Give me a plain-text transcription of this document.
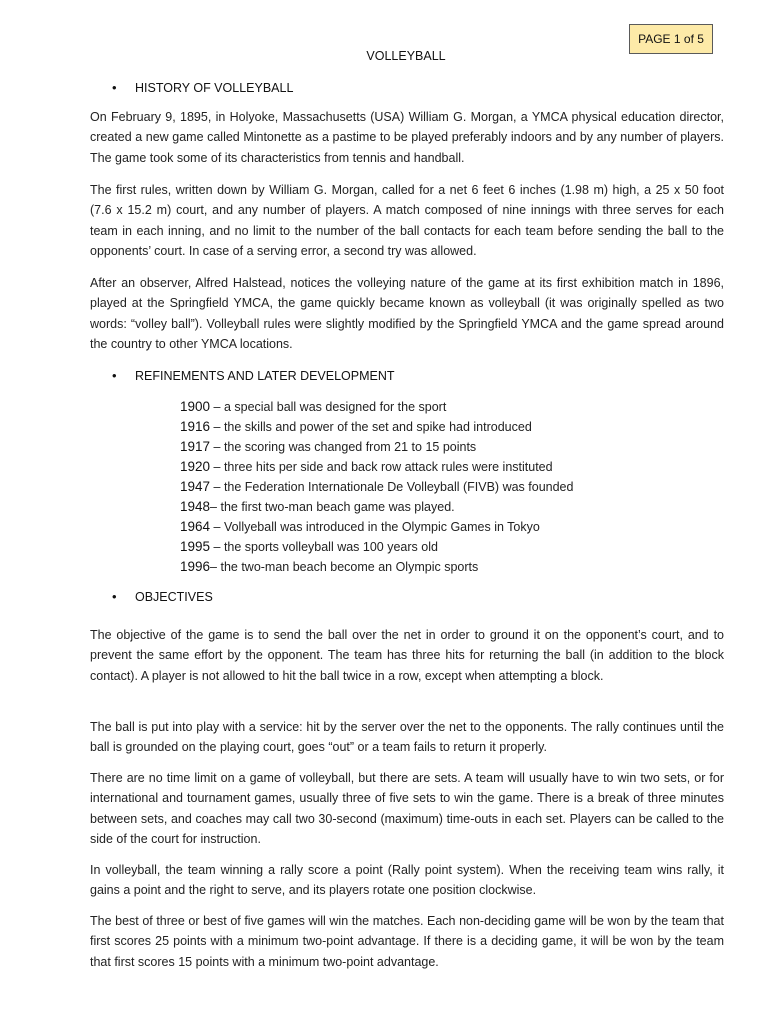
PAGE 1 of 5
VOLLEYBALL
• HISTORY OF VOLLEYBALL

On February 9, 1895, in Holyoke, Massachusetts (USA) William G. Morgan, a YMCA physical education director, created a new game called Mintonette as a pastime to be played preferably indoors and by any number of players. The game took some of its characteristics from tennis and handball.

The first rules, written down by William G. Morgan, called for a net 6 feet 6 inches (1.98 m) high, a 25 x 50 foot (7.6 x 15.2 m) court, and any number of players. A match composed of nine innings with three serves for each team in each inning, and no limit to the number of the ball contacts for each team before sending the ball to the opponents’ court. In case of a serving error, a second try was allowed.

After an observer, Alfred Halstead, notices the volleying nature of the game at its first exhibition match in 1896, played at the Springfield YMCA, the game quickly became known as volleyball (it was originally spelled as two words: “volley ball”). Volleyball rules were slightly modified by the Springfield YMCA and the game spread around the country to other YMCA locations.

• REFINEMENTS AND LATER DEVELOPMENT
1900 – a special ball was designed for the sport
1916 – the skills and power of the set and spike had introduced
1917 – the scoring was changed from 21 to 15 points
1920 – three hits per side and back row attack rules were instituted
1947 – the Federation Internationale De Volleyball (FIVB) was founded
1948– the first two-man beach game was played.
1964 – Vollyeball was introduced in the Olympic Games in Tokyo
1995 – the sports volleyball was 100 years old
1996– the two-man beach become an Olympic sports
• OBJECTIVES

The objective of the game is to send the ball over the net in order to ground it on the opponent’s court, and to prevent the same effort by the opponent. The team has three hits for returning the ball (in addition to the block contact). A player is not allowed to hit the ball twice in a row, except when attempting a block.

The ball is put into play with a service: hit by the server over the net to the opponents. The rally continues until the ball is grounded on the playing court, goes “out” or a team fails to return it properly.

There are no time limit on a game of volleyball, but there are sets. A team will usually have to win two sets, or for international and tournament games, usually three of five sets to win the game. There is a break of three minutes between sets, and coaches may call two 30-second (maximum) time-outs in each set. Players can be called to the side of the court for instruction.

In volleyball, the team winning a rally score a point (Rally point system). When the receiving team wins rally, it gains a point and the right to serve, and its players rotate one position clockwise.

The best of three or best of five games will win the matches. Each non-deciding game will be won by the team that first scores 25 points with a minimum two-point advantage. If there is a deciding game, it will be won by the team that first scores 15 points with a minimum two-point advantage.
